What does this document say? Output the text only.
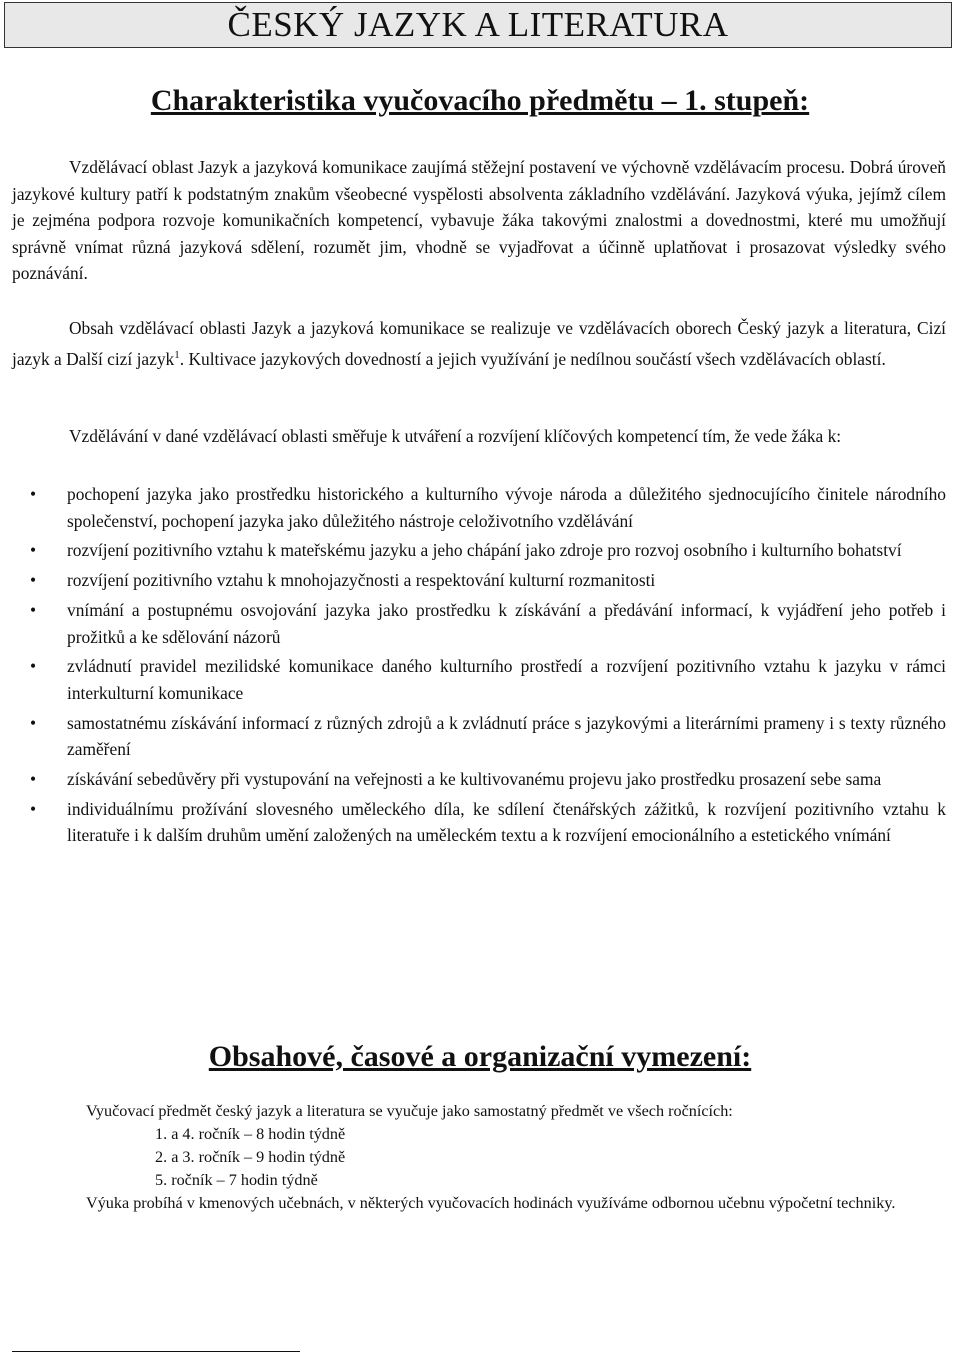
ČESKÝ JAZYK A LITERATURA
Charakteristika vyučovacího předmětu – 1. stupeň:
Vzdělávací oblast Jazyk a jazyková komunikace zaujímá stěžejní postavení ve výchovně vzdělávacím procesu. Dobrá úroveň jazykové kultury patří k podstatným znakům všeobecné vyspělosti absolventa základního vzdělávání. Jazyková výuka, jejímž cílem je zejména podpora rozvoje komunikačních kompetencí, vybavuje žáka takovými znalostmi a dovednostmi, které mu umožňují správně vnímat různá jazyková sdělení, rozumět jim, vhodně se vyjadřovat a účinně uplatňovat i prosazovat výsledky svého poznávání.
Obsah vzdělávací oblasti Jazyk a jazyková komunikace se realizuje ve vzdělávacích oborech Český jazyk a literatura, Cizí jazyk a Další cizí jazyk$^1$. Kultivace jazykových dovedností a jejich využívání je nedílnou součástí všech vzdělávacích oblastí.
Vzdělávání v dané vzdělávací oblasti směřuje k utváření a rozvíjení klíčových kompetencí tím, že vede žáka k:
• pochopení jazyka jako prostředku historického a kulturního vývoje národa a důležitého sjednocujícího činitele národního společenství, pochopení jazyka jako důležitého nástroje celoživotního vzdělávání
• rozvíjení pozitivního vztahu k mateřskému jazyku a jeho chápání jako zdroje pro rozvoj osobního i kulturního bohatství
• rozvíjení pozitivního vztahu k mnohojazyčnosti a respektování kulturní rozmanitosti
• vnímání a postupnému osvojování jazyka jako prostředku k získávání a předávání informací, k vyjádření jeho potřeb i prožitků a ke sdělování názorů
• zvládnutí pravidel mezilidské komunikace daného kulturního prostředí a rozvíjení pozitivního vztahu k jazyku v rámci interkulturní komunikace
• samostatnému získávání informací z různých zdrojů a k zvládnutí práce s jazykovými a literárními prameny i s texty různého zaměření
• získávání sebedůvěry při vystupování na veřejnosti a ke kultivovanému projevu jako prostředku prosazení sebe sama
• individuálnímu prožívání slovesného uměleckého díla, ke sdílení čtenářských zážitků, k rozvíjení pozitivního vztahu k literatuře i k dalším druhům umění založených na uměleckém textu a k rozvíjení emocionálního a estetického vnímání
Obsahové, časové a organizační vymezení:
Vyučovací předmět český jazyk a literatura se vyučuje jako samostatný předmět ve všech ročnících:
1. a 4. ročník – 8 hodin týdně
2. a 3. ročník – 9 hodin týdně
5. ročník – 7 hodin týdně
Výuka probíhá v kmenových učebnách, v některých vyučovacích hodinách využíváme odbornou učebnu výpočetní techniky.
